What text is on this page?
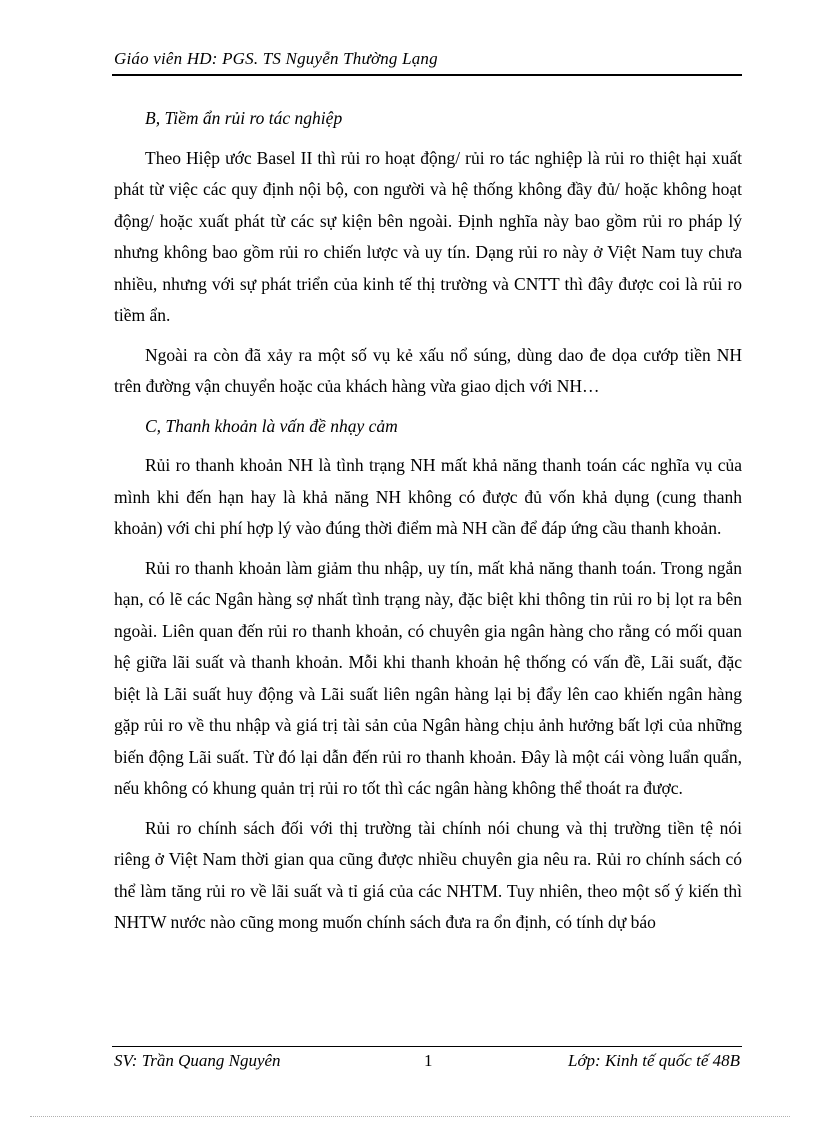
Giáo viên HD: PGS. TS Nguyễn Thường Lạng
B, Tiềm ẩn rủi ro tác nghiệp

Theo Hiệp ước Basel II thì rủi ro hoạt động/ rủi ro tác nghiệp là rủi ro thiệt hại xuất phát từ việc các quy định nội bộ, con người và hệ thống không đầy đủ/ hoặc không hoạt động/ hoặc xuất phát từ các sự kiện bên ngoài. Định nghĩa này bao gồm rủi ro pháp lý nhưng không bao gồm rủi ro chiến lược và uy tín. Dạng rủi ro này ở Việt Nam tuy chưa nhiều, nhưng với sự phát triển của kinh tế thị trường và CNTT thì đây được coi là rủi ro tiềm ẩn.

Ngoài ra còn đã xảy ra một số vụ kẻ xấu nổ súng, dùng dao đe dọa cướp tiền NH trên đường vận chuyển hoặc của khách hàng vừa giao dịch với NH…

C, Thanh khoản là vấn đề nhạy cảm

Rủi ro thanh khoản NH là tình trạng NH mất khả năng thanh toán các nghĩa vụ của mình khi đến hạn hay là khả năng NH không có được đủ vốn khả dụng (cung thanh khoản) với chi phí hợp lý vào đúng thời điểm mà NH cần để đáp ứng cầu thanh khoản.

Rủi ro thanh khoản làm giảm thu nhập, uy tín, mất khả năng thanh toán. Trong ngắn hạn, có lẽ các Ngân hàng sợ nhất tình trạng này, đặc biệt khi thông tin rủi ro bị lọt ra bên ngoài. Liên quan đến rủi ro thanh khoản, có chuyên gia ngân hàng cho rằng có mối quan hệ giữa lãi suất và thanh khoản. Mỗi khi thanh khoản hệ thống có vấn đề, Lãi suất, đặc biệt là Lãi suất huy động và Lãi suất liên ngân hàng lại bị đẩy lên cao khiến ngân hàng gặp rủi ro về thu nhập và giá trị tài sản của Ngân hàng chịu ảnh hưởng bất lợi của những biến động Lãi suất. Từ đó lại dẫn đến rủi ro thanh khoản. Đây là một cái vòng luẩn quẩn, nếu không có khung quản trị rủi ro tốt thì các ngân hàng không thể thoát ra được.

Rủi ro chính sách đối với thị trường tài chính nói chung và thị trường tiền tệ nói riêng ở Việt Nam thời gian qua cũng được nhiều chuyên gia nêu ra. Rủi ro chính sách có thể làm tăng rủi ro về lãi suất và tỉ giá của các NHTM. Tuy nhiên, theo một số ý kiến thì NHTW nước nào cũng mong muốn chính sách đưa ra ổn định, có tính dự báo

SV: Trần Quang Nguyên	1	Lớp: Kinh tế quốc tế 48B
